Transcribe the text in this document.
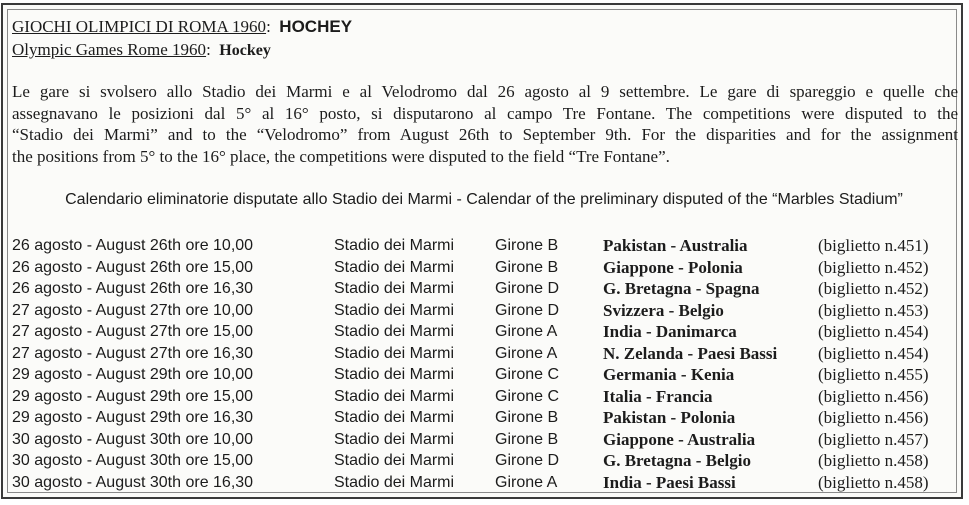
GIOCHI OLIMPICI DI ROMA 1960: HOCHEY
Olympic Games Rome 1960: Hockey
Le gare si svolsero allo Stadio dei Marmi e al Velodromo dal 26 agosto al 9 settembre. Le gare di spareggio e quelle che
assegnavano le posizioni dal 5° al 16° posto, si disputarono al campo Tre Fontane. The competitions were disputed to the
“Stadio dei Marmi” and to the “Velodromo” from August 26th to September 9th. For the disparities and for the assignment
the positions from 5° to the 16° place, the competitions were disputed to the field “Tre Fontane”.
Calendario eliminatorie disputate allo Stadio dei Marmi - Calendar of the preliminary disputed of the “Marbles Stadium”
26 agosto - August 26th ore 10,00	Stadio dei Marmi	Girone B	Pakistan - Australia	(biglietto n.451)
26 agosto - August 26th ore 15,00	Stadio dei Marmi	Girone B	Giappone - Polonia	(biglietto n.452)
26 agosto - August 26th ore 16,30	Stadio dei Marmi	Girone D	G. Bretagna - Spagna	(biglietto n.452)
27 agosto - August 27th ore 10,00	Stadio dei Marmi	Girone D	Svizzera - Belgio	(biglietto n.453)
27 agosto - August 27th ore 15,00	Stadio dei Marmi	Girone A	India - Danimarca	(biglietto n.454)
27 agosto - August 27th ore 16,30	Stadio dei Marmi	Girone A	N. Zelanda - Paesi Bassi (biglietto n.454)
29 agosto - August 29th ore 10,00	Stadio dei Marmi	Girone C	Germania - Kenia	(biglietto n.455)
29 agosto - August 29th ore 15,00	Stadio dei Marmi	Girone C	Italia - Francia	(biglietto n.456)
29 agosto - August 29th ore 16,30	Stadio dei Marmi	Girone B	Pakistan - Polonia	(biglietto n.456)
30 agosto - August 30th ore 10,00	Stadio dei Marmi	Girone B	Giappone - Australia	(biglietto n.457)
30 agosto - August 30th ore 15,00	Stadio dei Marmi	Girone D	G. Bretagna - Belgio	(biglietto n.458)
30 agosto - August 30th ore 16,30	Stadio dei Marmi	Girone A	India - Paesi Bassi	(biglietto n.458)
